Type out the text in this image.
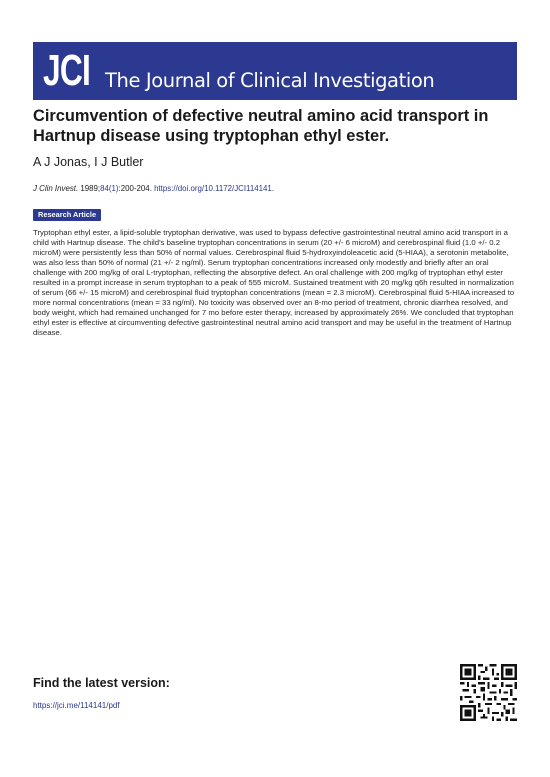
JCI The Journal of Clinical Investigation
Circumvention of defective neutral amino acid transport in Hartnup disease using tryptophan ethyl ester.
A J Jonas, I J Butler
J Clin Invest. 1989;84(1):200-204. https://doi.org/10.1172/JCI114141.
Research Article
Tryptophan ethyl ester, a lipid-soluble tryptophan derivative, was used to bypass defective gastrointestinal neutral amino acid transport in a child with Hartnup disease. The child's baseline tryptophan concentrations in serum (20 +/- 6 microM) and cerebrospinal fluid (1.0 +/- 0.2 microM) were persistently less than 50% of normal values. Cerebrospinal fluid 5-hydroxyindoleacetic acid (5-HIAA), a serotonin metabolite, was also less than 50% of normal (21 +/- 2 ng/ml). Serum tryptophan concentrations increased only modestly and briefly after an oral challenge with 200 mg/kg of oral L-tryptophan, reflecting the absorptive defect. An oral challenge with 200 mg/kg of tryptophan ethyl ester resulted in a prompt increase in serum tryptophan to a peak of 555 microM. Sustained treatment with 20 mg/kg q6h resulted in normalization of serum (66 +/- 15 microM) and cerebrospinal fluid tryptophan concentrations (mean = 2.3 microM). Cerebrospinal fluid 5-HIAA increased to more normal concentrations (mean = 33 ng/ml). No toxicity was observed over an 8-mo period of treatment, chronic diarrhea resolved, and body weight, which had remained unchanged for 7 mo before ester therapy, increased by approximately 26%. We concluded that tryptophan ethyl ester is effective at circumventing defective gastrointestinal neutral amino acid transport and may be useful in the treatment of Hartnup disease.
Find the latest version:
https://jci.me/114141/pdf
